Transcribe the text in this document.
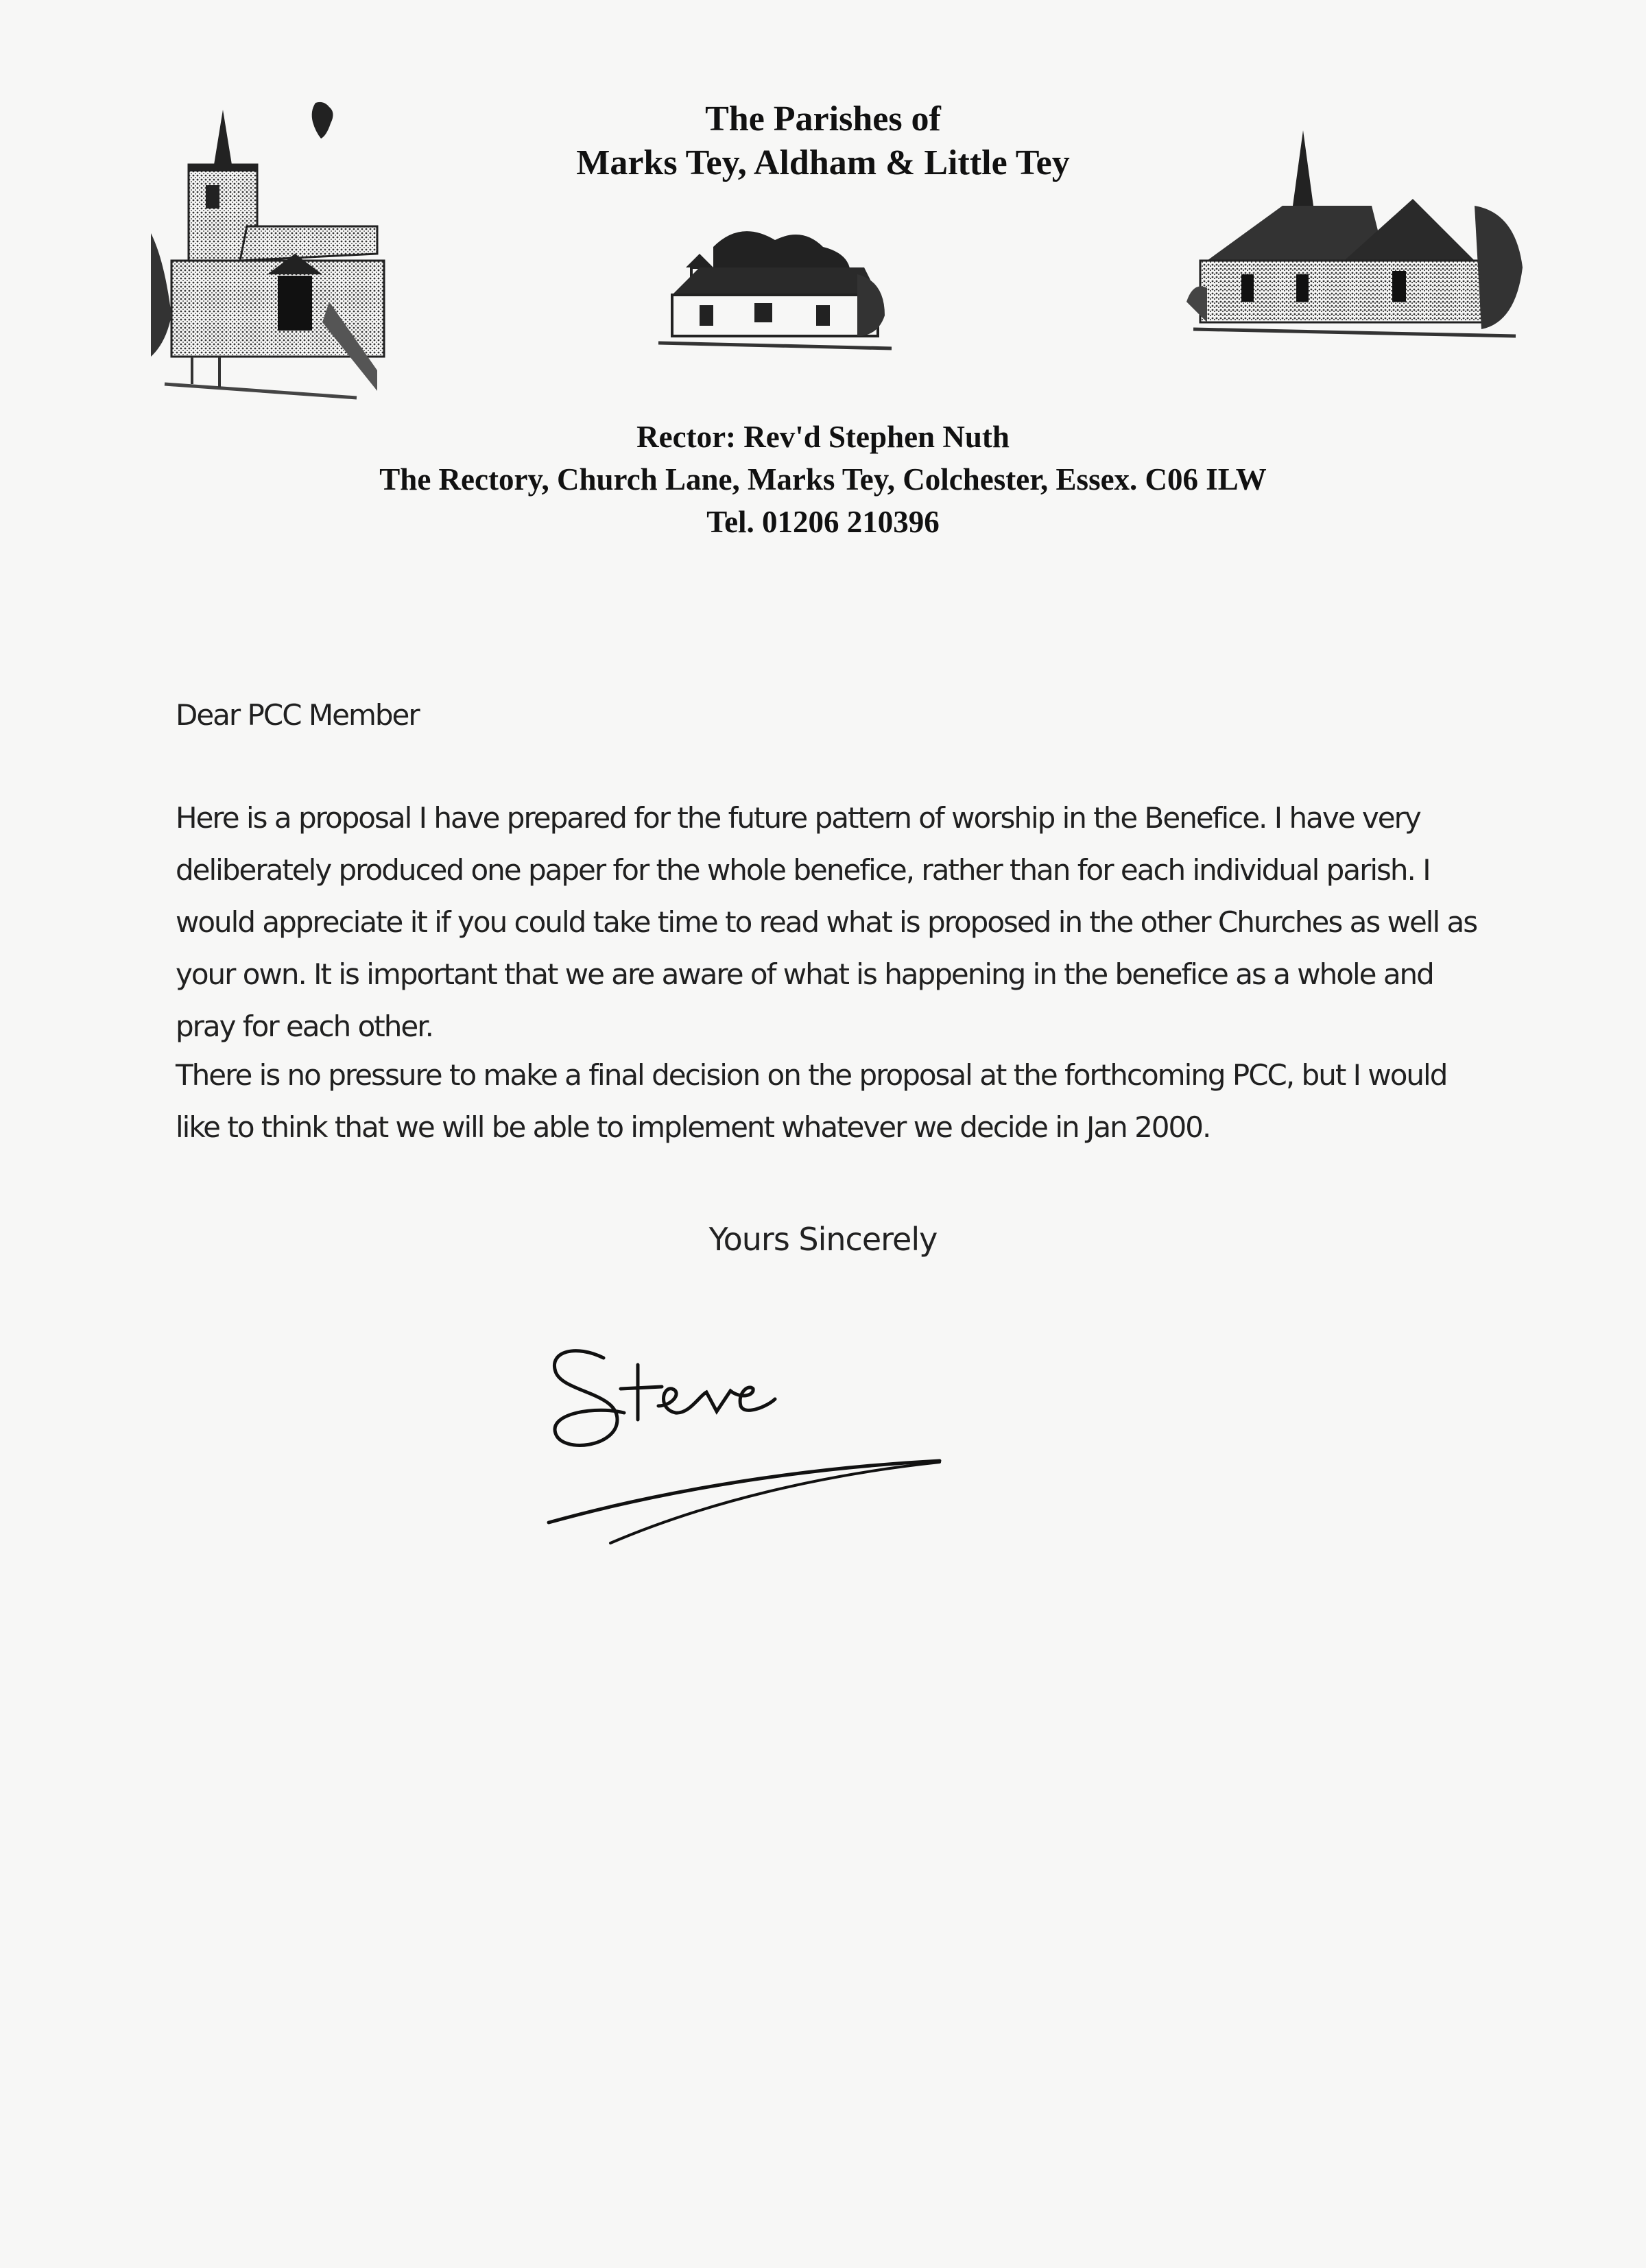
The Parishes of
Marks Tey, Aldham & Little Tey
Rector: Rev'd Stephen Nuth
The Rectory, Church Lane, Marks Tey, Colchester, Essex. C06 ILW
Tel. 01206 210396
Dear PCC Member

Here is a proposal I have prepared for the future pattern of worship in the Benefice. I have very deliberately produced one paper for the whole benefice, rather than for each individual parish. I would appreciate it if you could take time to read what is proposed in the other Churches as well as your own. It is important that we are aware of what is happening in the benefice as a whole and pray for each other.

There is no pressure to make a final decision on the proposal at the forthcoming PCC, but I would like to think that we will be able to implement whatever we decide in Jan 2000.

Yours Sincerely
